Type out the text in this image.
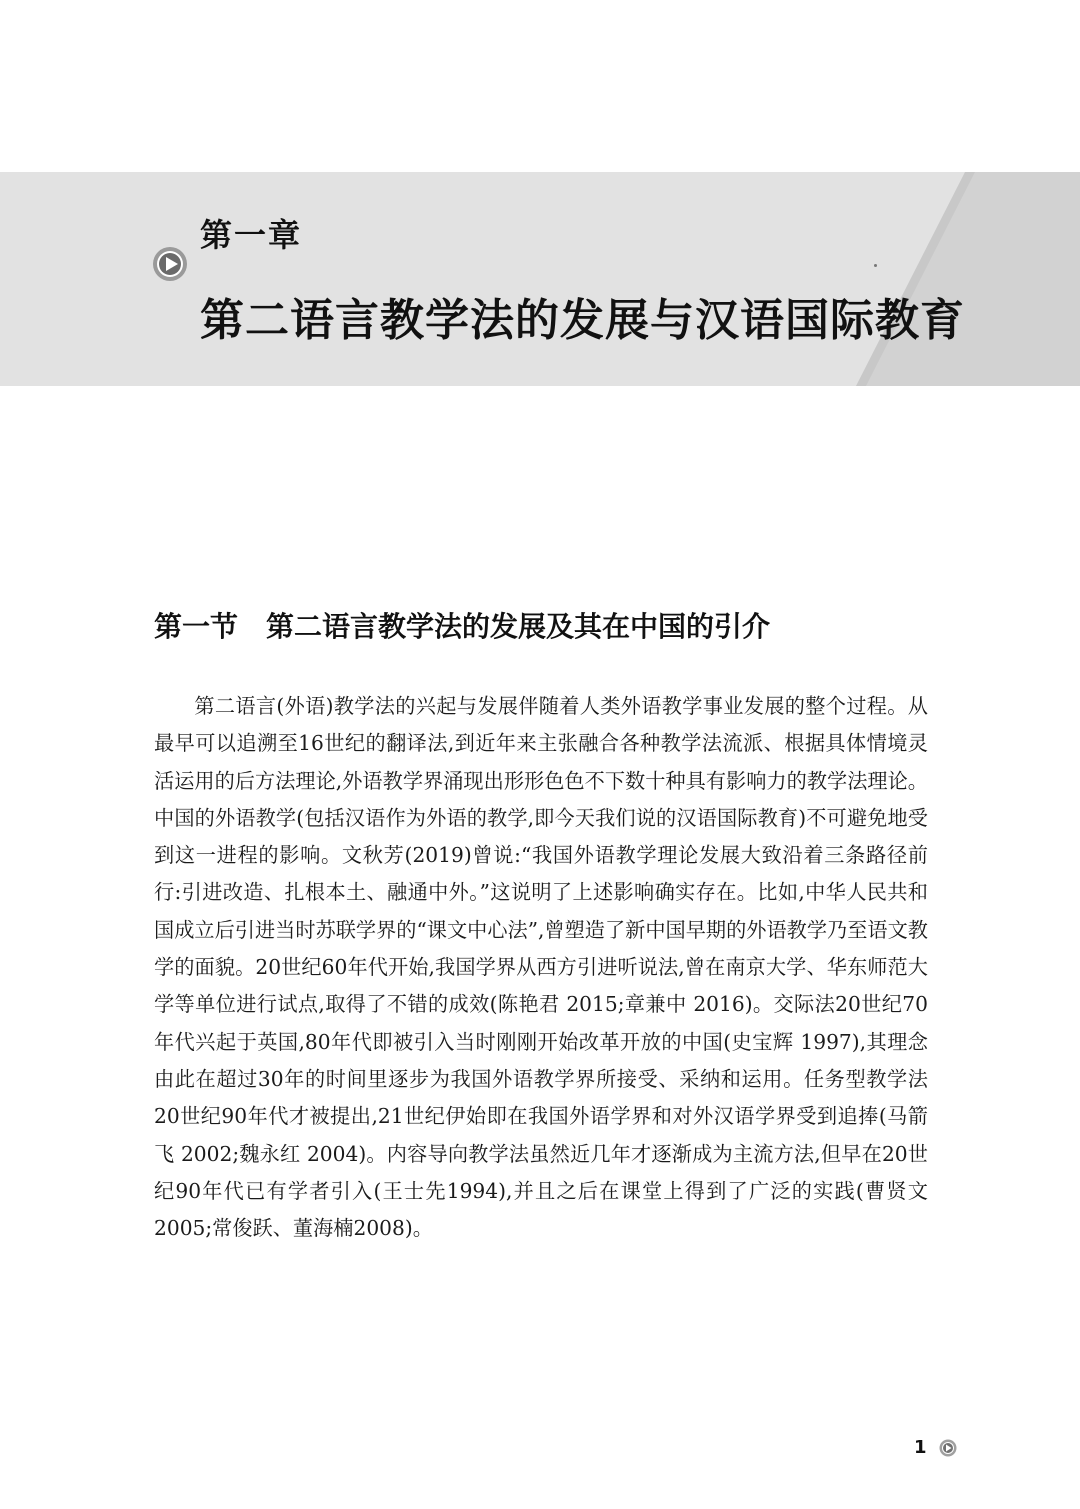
第一章
第二语言教学法的发展与汉语国际教育
第一节 第二语言教学法的发展及其在中国的引介

第二语言(外语)教学法的兴起与发展伴随着人类外语教学事业发展的整个过程。从最早可以追溯至16世纪的翻译法,到近年来主张融合各种教学法流派、根据具体情境灵活运用的后方法理论,外语教学界涌现出形形色色不下数十种具有影响力的教学法理论。中国的外语教学(包括汉语作为外语的教学,即今天我们说的汉语国际教育)不可避免地受到这一进程的影响。文秋芳(2019)曾说:“我国外语教学理论发展大致沿着三条路径前行:引进改造、扎根本土、融通中外。”这说明了上述影响确实存在。比如,中华人民共和国成立后引进当时苏联学界的“课文中心法”,曾塑造了新中国早期的外语教学乃至语文教学的面貌。20世纪60年代开始,我国学界从西方引进听说法,曾在南京大学、华东师范大学等单位进行试点,取得了不错的成效(陈艳君 2015;章兼中 2016)。交际法20世纪70年代兴起于英国,80年代即被引入当时刚刚开始改革开放的中国(史宝辉 1997),其理念由此在超过30年的时间里逐步为我国外语教学界所接受、采纳和运用。任务型教学法20世纪90年代才被提出,21世纪伊始即在我国外语学界和对外汉语学界受到追捧(马箭飞 2002;魏永红 2004)。内容导向教学法虽然近几年才逐渐成为主流方法,但早在20世纪90年代已有学者引入(王士先1994),并且之后在课堂上得到了广泛的实践(曹贤文 2005;常俊跃、董海楠2008)。

1
